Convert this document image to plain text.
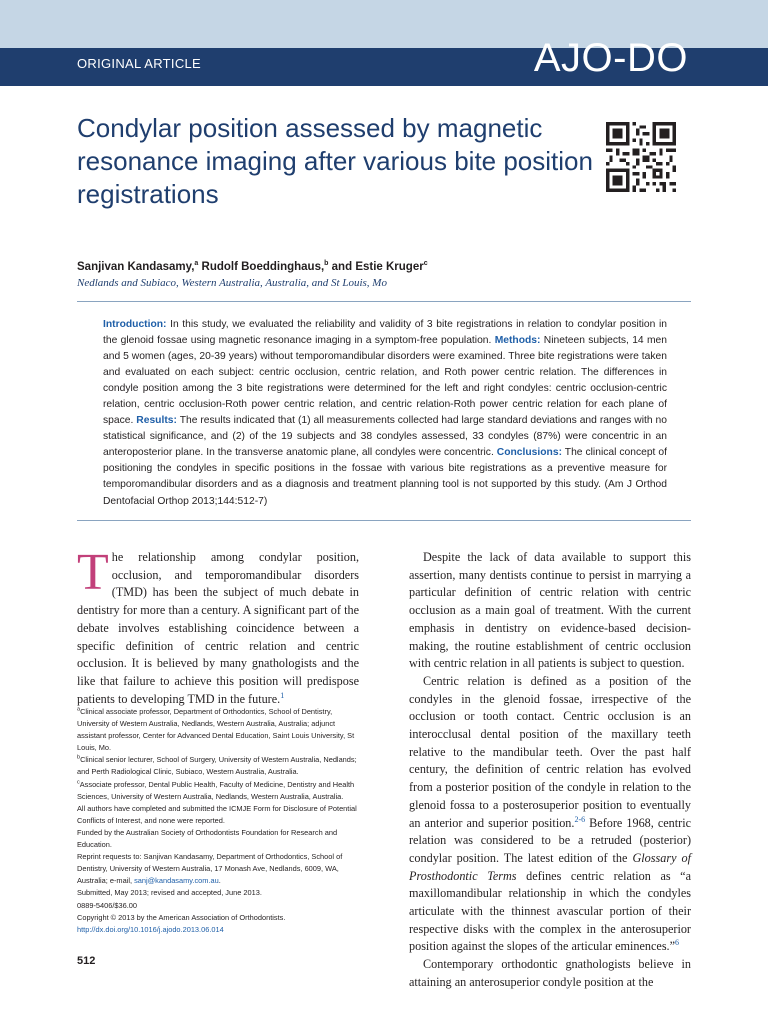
ORIGINAL ARTICLE	AJO-DO
Condylar position assessed by magnetic resonance imaging after various bite position registrations
Sanjivan Kandasamy,$^a$ Rudolf Boeddinghaus,$^b$ and Estie Kruger$^c$
Nedlands and Subiaco, Western Australia, Australia, and St Louis, Mo

Introduction: In this study, we evaluated the reliability and validity of 3 bite registrations in relation to condylar position in the glenoid fossae using magnetic resonance imaging in a symptom-free population. Methods: Nineteen subjects, 14 men and 5 women (ages, 20-39 years) without temporomandibular disorders were examined. Three bite registrations were taken and evaluated on each subject: centric occlusion, centric relation, and Roth power centric relation. The differences in condyle position among the 3 bite registrations were determined for the left and right condyles: centric occlusion-centric relation, centric occlusion-Roth power centric relation, and centric relation-Roth power centric relation for each plane of space. Results: The results indicated that (1) all measurements collected had large standard deviations and ranges with no statistical significance, and (2) of the 19 subjects and 38 condyles assessed, 33 condyles (87%) were concentric in an anteroposterior plane. In the transverse anatomic plane, all condyles were concentric. Conclusions: The clinical concept of positioning the condyles in specific positions in the fossae with various bite registrations as a preventive measure for temporomandibular disorders and as a diagnosis and treatment planning tool is not supported by this study. (Am J Orthod Dentofacial Orthop 2013;144:512-7)

The relationship among condylar position, occlusion, and temporomandibular disorders (TMD) has been the subject of much debate in dentistry for more than a century. A significant part of the debate involves establishing coincidence between a specific definition of centric relation and centric occlusion. It is believed by many gnathologists and the like that failure to achieve this position will predispose patients to developing TMD in the future.$^1$

$^a$Clinical associate professor, Department of Orthodontics, School of Dentistry, University of Western Australia, Nedlands, Western Australia, Australia; adjunct assistant professor, Center for Advanced Dental Education, Saint Louis University, St Louis, Mo.

$^b$Clinical senior lecturer, School of Surgery, University of Western Australia, Nedlands; and Perth Radiological Clinic, Subiaco, Western Australia, Australia.

$^c$Associate professor, Dental Public Health, Faculty of Medicine, Dentistry and Health Sciences, University of Western Australia, Nedlands, Western Australia, Australia.

All authors have completed and submitted the ICMJE Form for Disclosure of Potential Conflicts of Interest, and none were reported.

Funded by the Australian Society of Orthodontists Foundation for Research and Education.

Reprint requests to: Sanjivan Kandasamy, Department of Orthodontics, School of Dentistry, University of Western Australia, 17 Monash Ave, Nedlands, 6009, WA, Australia; e-mail, sanj@kandasamy.com.au.

Submitted, May 2013; revised and accepted, June 2013.

0889-5406/$36.00

Copyright © 2013 by the American Association of Orthodontists.

http://dx.doi.org/10.1016/j.ajodo.2013.06.014

512

Despite the lack of data available to support this assertion, many dentists continue to persist in marrying a particular definition of centric relation with centric occlusion as a main goal of treatment. With the current emphasis in dentistry on evidence-based decision-making, the routine establishment of centric occlusion with centric relation in all patients is subject to question.

Centric relation is defined as a position of the condyles in the glenoid fossae, irrespective of the occlusion or tooth contact. Centric occlusion is an interocclusal dental position of the maxillary teeth relative to the mandibular teeth. Over the past half century, the definition of centric relation has evolved from a posterior position of the condyle in relation to the glenoid fossa to a posterosuperior position to eventually an anterior and superior position.$^{2-6}$ Before 1968, centric relation was considered to be a retruded (posterior) condylar position. The latest edition of the Glossary of Prosthodontic Terms defines centric relation as “a maxillomandibular relationship in which the condyles articulate with the thinnest avascular portion of their respective disks with the complex in the anterosuperior position against the slopes of the articular eminences.”$^6$

Contemporary orthodontic gnathologists believe in attaining an anterosuperior condyle position at the
